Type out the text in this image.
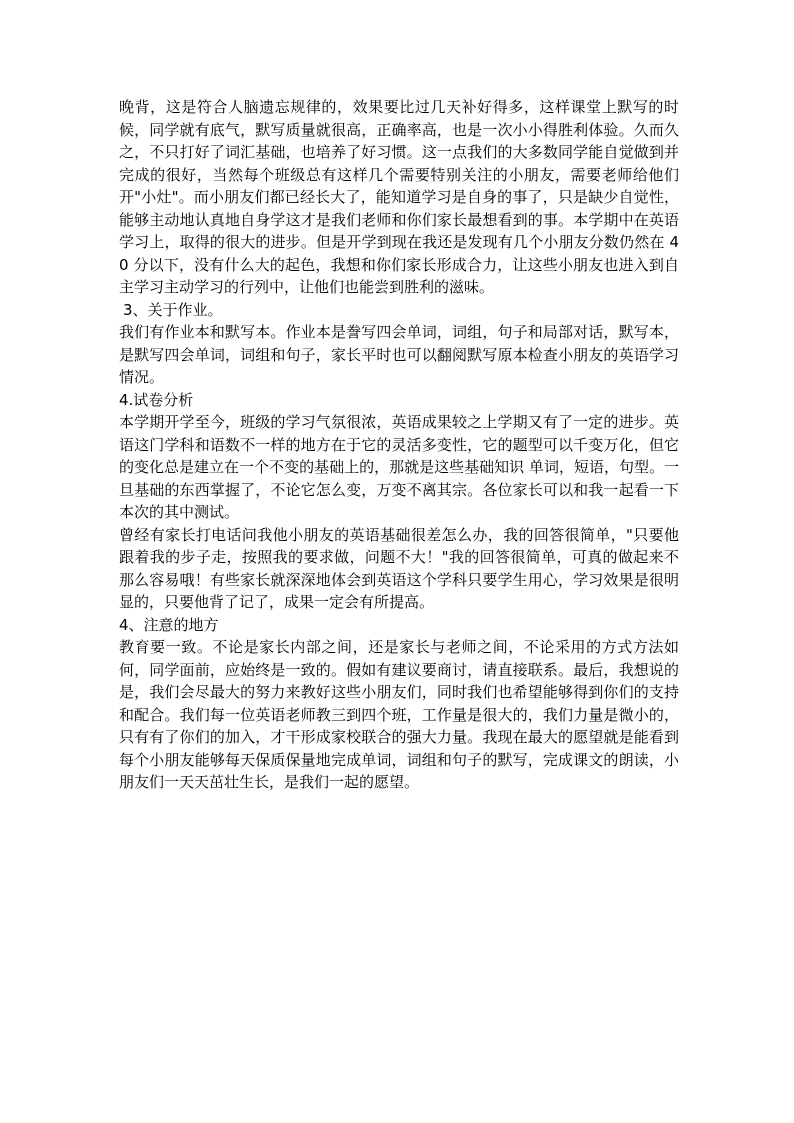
晚背，这是符合人脑遗忘规律的，效果要比过几天补好得多，这样课堂上默写的时候，同学就有底气，默写质量就很高，正确率高，也是一次小小得胜利体验。久而久之，不只打好了词汇基础，也培养了好习惯。这一点我们的大多数同学能自觉做到并完成的很好，当然每个班级总有这样几个需要特别关注的小朋友，需要老师给他们开"小灶"。而小朋友们都已经长大了，能知道学习是自身的事了，只是缺少自觉性，能够主动地认真地自身学这才是我们老师和你们家长最想看到的事。本学期中在英语学习上，取得的很大的进步。但是开学到现在我还是发现有几个小朋友分数仍然在 40 分以下，没有什么大的起色，我想和你们家长形成合力，让这些小朋友也进入到自主学习主动学习的行列中，让他们也能尝到胜利的滋味。

3、关于作业。

我们有作业本和默写本。作业本是誊写四会单词，词组，句子和局部对话，默写本，是默写四会单词，词组和句子，家长平时也可以翻阅默写原本检查小朋友的英语学习情况。

4.试卷分析

本学期开学至今，班级的学习气氛很浓，英语成果较之上学期又有了一定的进步。英语这门学科和语数不一样的地方在于它的灵活多变性，它的题型可以千变万化，但它的变化总是建立在一个不变的基础上的，那就是这些基础知识 单词，短语，句型。一旦基础的东西掌握了，不论它怎么变，万变不离其宗。各位家长可以和我一起看一下本次的其中测试。

曾经有家长打电话问我他小朋友的英语基础很差怎么办，我的回答很简单，"只要他跟着我的步子走，按照我的要求做，问题不大！"我的回答很简单，可真的做起来不那么容易哦！有些家长就深深地体会到英语这个学科只要学生用心，学习效果是很明显的，只要他背了记了，成果一定会有所提高。

4、注意的地方

教育要一致。不论是家长内部之间，还是家长与老师之间，不论采用的方式方法如何，同学面前，应始终是一致的。假如有建议要商讨，请直接联系。最后，我想说的是，我们会尽最大的努力来教好这些小朋友们，同时我们也希望能够得到你们的支持和配合。我们每一位英语老师教三到四个班，工作量是很大的，我们力量是微小的，只有有了你们的加入，才干形成家校联合的强大力量。我现在最大的愿望就是能看到每个小朋友能够每天保质保量地完成单词，词组和句子的默写，完成课文的朗读，小朋友们一天天茁壮生长，是我们一起的愿望。
